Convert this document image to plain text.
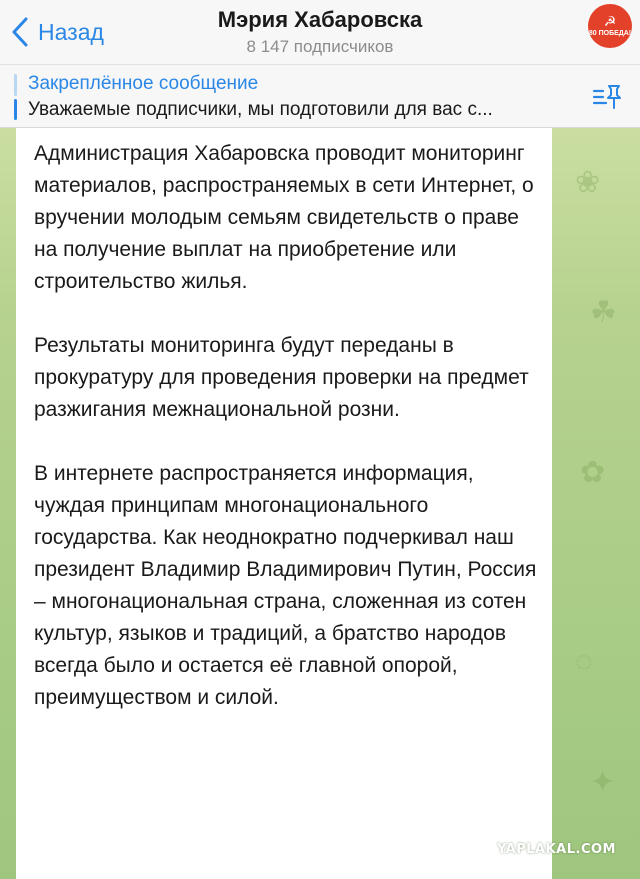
❀
☘
✿
◌
✦
Назад	Мэрия Хабаровска
8 147 подписчиков
☭
80 ПОБЕДА!
Закреплённое сообщение
Уважаемые подписчики, мы подготовили для вас с...

Администрация Хабаровска проводит мониторинг материалов, распространяемых в сети Интернет, о вручении молодым семьям свидетельств о праве на получение выплат на приобретение или строительство жилья.

Результаты мониторинга будут переданы в прокуратуру для проведения проверки на предмет разжигания межнациональной розни.

В интернете распространяется информация, чуждая принципам многонационального государства. Как неоднократно подчеркивал наш президент Владимир Владимирович Путин, Россия – многонациональная страна, сложенная из сотен культур, языков и традиций, а братство народов всегда было и остается её главной опорой, преимуществом и силой.

YAPLAKAL.COM
